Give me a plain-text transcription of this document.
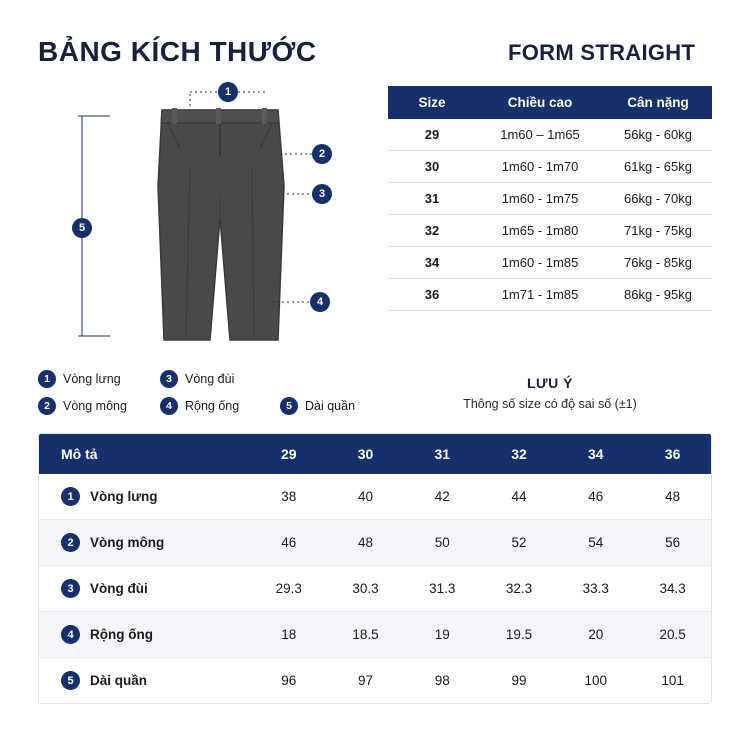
BẢNG KÍCH THƯỚC	FORM STRAIGHT
1
2
3
4
5
1	Vòng lưng	3	Vòng đùi
2	Vòng mông	4	Rộng ống	5	Dài quần
Size	Chiều cao	Cân nặng
29	1m60 – 1m65	56kg - 60kg
30	1m60 - 1m70	61kg - 65kg
31	1m60 - 1m75	66kg - 70kg
32	1m65 - 1m80	71kg - 75kg
34	1m60 - 1m85	76kg - 85kg
36	1m71 - 1m85	86kg - 95kg
LƯU Ý
Thông số size có độ sai số (±1)
Mô tả	29	30	31	32	34	36

1 Vòng lưng	38	40	42	44	46	48

2 Vòng mông	46	48	50	52	54	56

3 Vòng đùi	29.3	30.3	31.3	32.3	33.3	34.3

4 Rộng ống	18	18.5	19	19.5	20	20.5

5 Dài quần	96	97	98	99	100	101
